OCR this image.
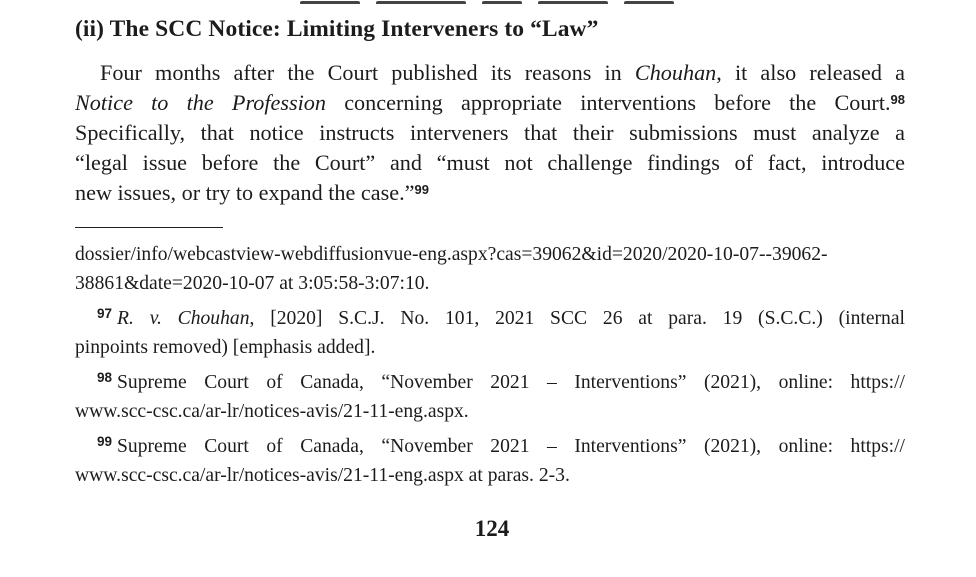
(ii) The SCC Notice: Limiting Interveners to “Law”
Four months after the Court published its reasons in Chouhan, it also released a
Notice to the Profession concerning appropriate interventions before the Court.$^{98}$
Specifically, that notice instructs interveners that their submissions must analyze a
“legal issue before the Court” and “must not challenge findings of fact, introduce
new issues, or try to expand the case.”$^{99}$
dossier/info/webcastview-webdiffusionvue-eng.aspx?cas=39062&id=2020/2020-10-07--39062-
38861&date=2020-10-07 at 3:05:58-3:07:10.
$^{97}$ R. v. Chouhan, [2020] S.C.J. No. 101, 2021 SCC 26 at para. 19 (S.C.C.) (internal
pinpoints removed) [emphasis added].
$^{98}$ Supreme Court of Canada, “November 2021 – Interventions” (2021), online: https://
www.scc-csc.ca/ar-lr/notices-avis/21-11-eng.aspx.
$^{99}$ Supreme Court of Canada, “November 2021 – Interventions” (2021), online: https://
www.scc-csc.ca/ar-lr/notices-avis/21-11-eng.aspx at paras. 2-3.
124
